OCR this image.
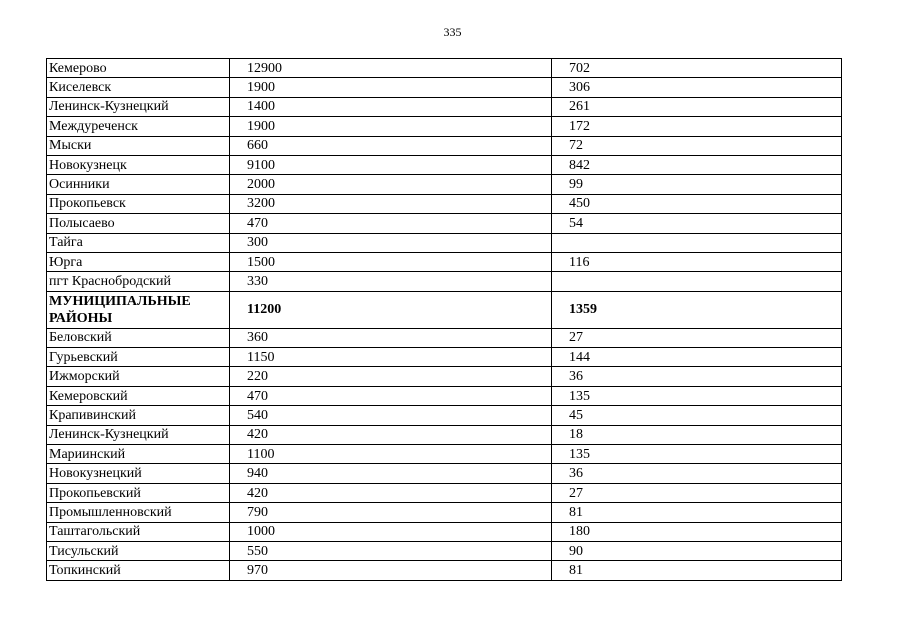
335
Кемерово	12900	702
Киселевск	1900	306
Ленинск-Кузнецкий	1400	261
Междуреченск	1900	172
Мыски	660	72
Новокузнецк	9100	842
Осинники	2000	99
Прокопьевск	3200	450
Полысаево	470	54
Тайга	300	
Юрга	1500	116
пгт Краснобродский	330	
МУНИЦИПАЛЬНЫЕ РАЙОНЫ	11200	1359
Беловский	360	27
Гурьевский	1150	144
Ижморский	220	36
Кемеровский	470	135
Крапивинский	540	45
Ленинск-Кузнецкий	420	18
Мариинский	1100	135
Новокузнецкий	940	36
Прокопьевский	420	27
Промышленновский	790	81
Таштагольский	1000	180
Тисульский	550	90
Топкинский	970	81
